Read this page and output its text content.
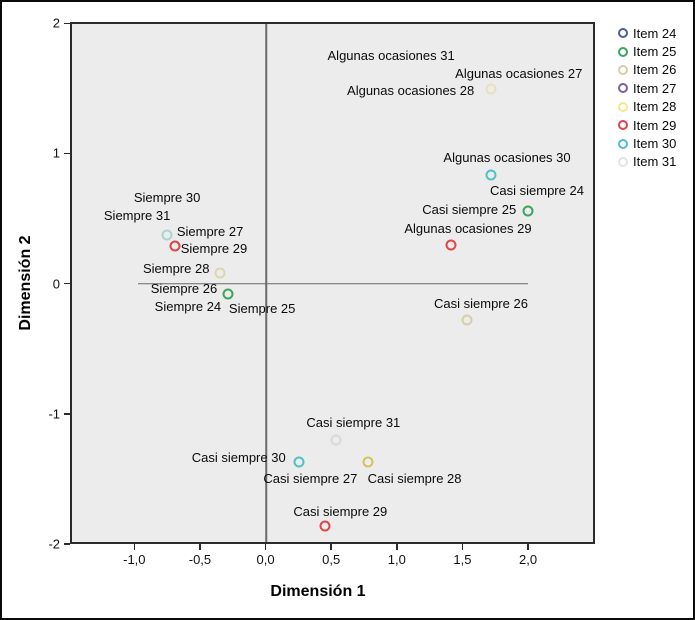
Algunas ocasiones 31
Algunas ocasiones 27
Algunas ocasiones 28
Algunas ocasiones 30
Casi siempre 24
Casi siempre 25
Algunas ocasiones 29
Casi siempre 26
Siempre 30
Siempre 31
Siempre 27
Siempre 29
Siempre 28
Siempre 26
Siempre 24 Siempre 25
Casi siempre 31
Casi siempre 30
Casi siempre 27 Casi siempre 28
Casi siempre 29
-1,0	-0,5	0,0	0,5	1,0	1,5	2,0
2
1
0
-1
-2
Dimensión 1
Dimensión 2
Item 24
Item 25
Item 26
Item 27
Item 28
Item 29
Item 30
Item 31
